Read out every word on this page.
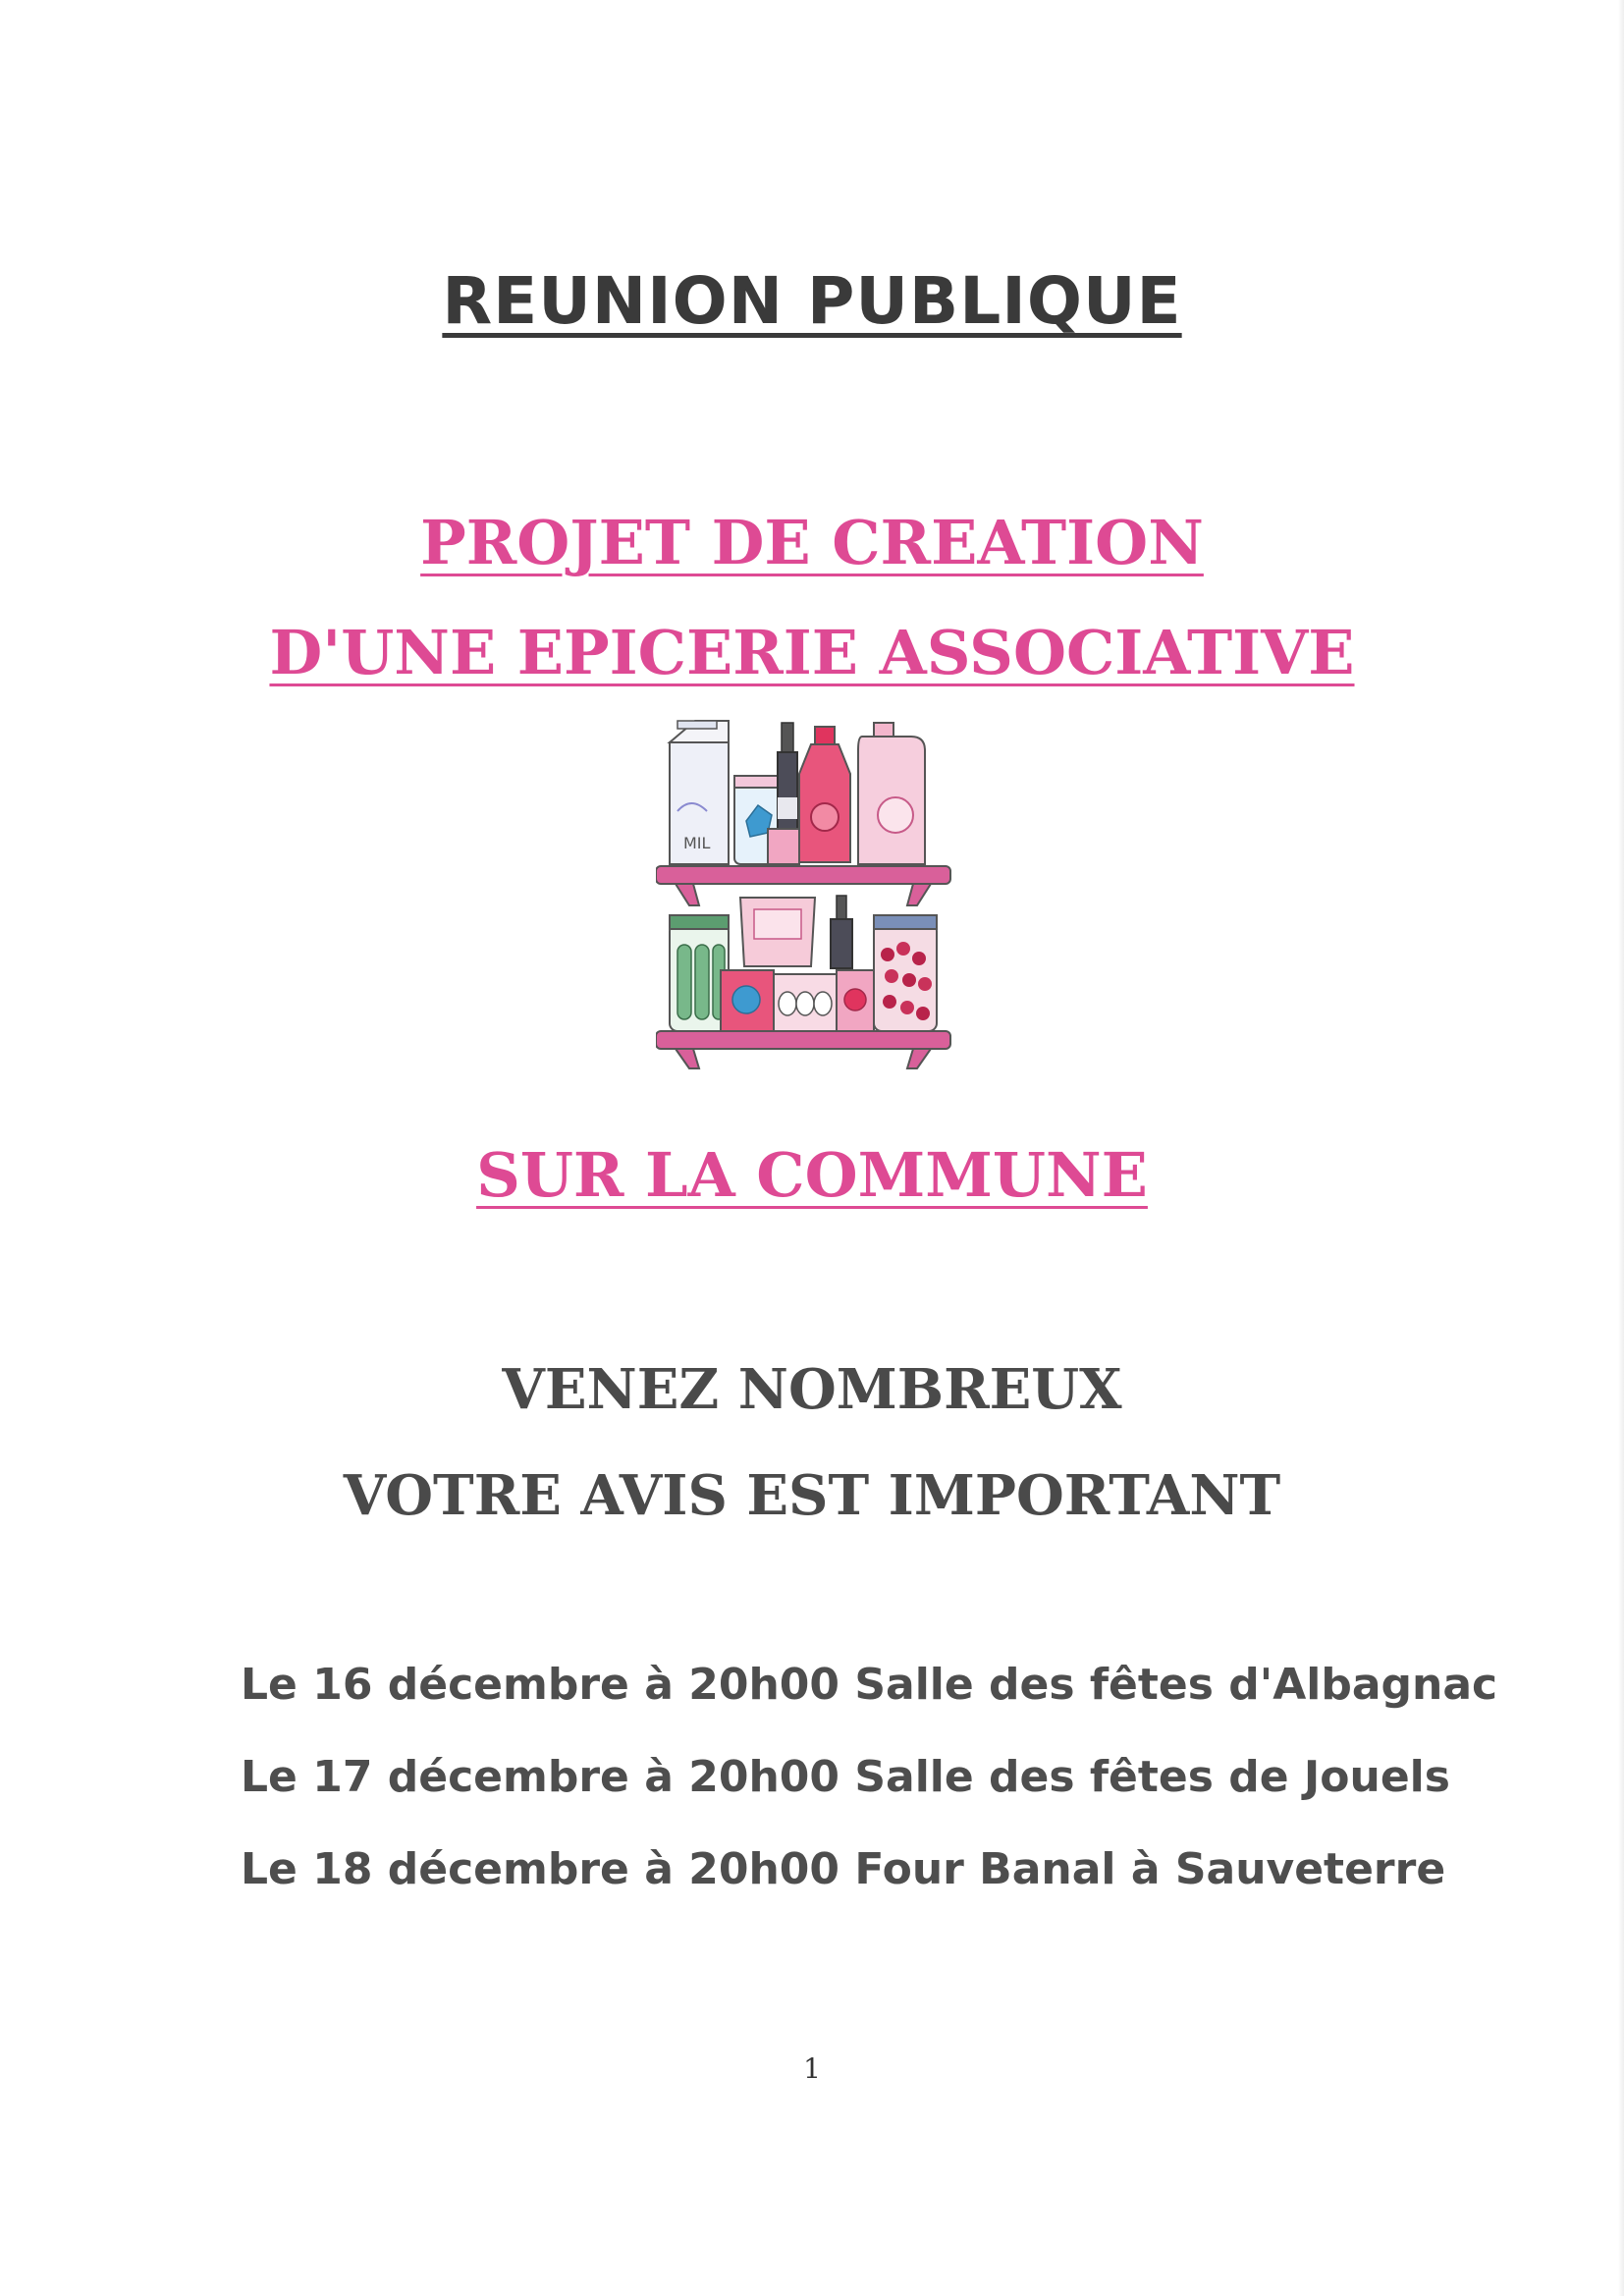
REUNION PUBLIQUE
PROJET DE CREATION
D'UNE EPICERIE ASSOCIATIVE
MIL
SUR LA COMMUNE
VENEZ NOMBREUX
VOTRE AVIS EST IMPORTANT
Le 16 décembre à 20h00 Salle des fêtes d'Albagnac
Le 17 décembre à 20h00 Salle des fêtes de Jouels
Le 18 décembre à 20h00 Four Banal à Sauveterre
1
